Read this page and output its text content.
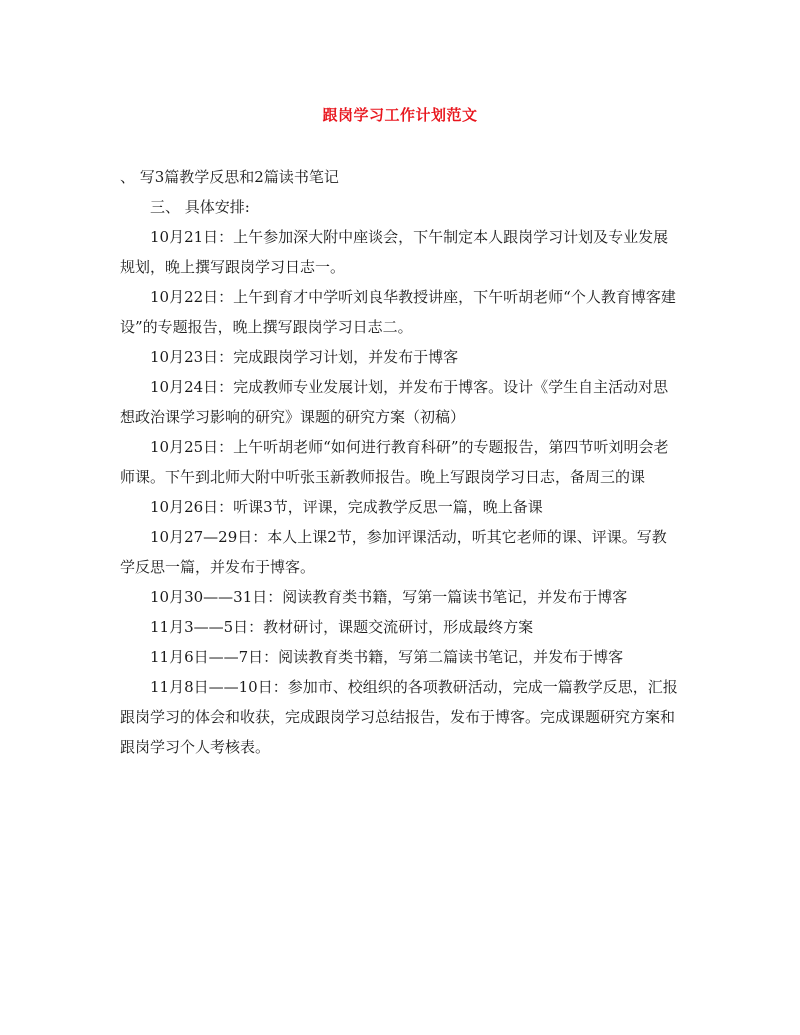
跟岗学习工作计划范文

、 写3篇教学反思和2篇读书笔记

三、 具体安排:

10月21日：上午参加深大附中座谈会，下午制定本人跟岗学习计划及专业发展规划，晚上撰写跟岗学习日志一。

10月22日：上午到育才中学听刘良华教授讲座，下午听胡老师“个人教育博客建设”的专题报告，晚上撰写跟岗学习日志二。

10月23日：完成跟岗学习计划，并发布于博客

10月24日：完成教师专业发展计划，并发布于博客。设计《学生自主活动对思想政治课学习影响的研究》课题的研究方案（初稿）

10月25日：上午听胡老师“如何进行教育科研”的专题报告，第四节听刘明会老师课。下午到北师大附中听张玉新教师报告。晚上写跟岗学习日志，备周三的课

10月26日：听课3节，评课，完成教学反思一篇，晚上备课

10月27—29日：本人上课2节，参加评课活动，听其它老师的课、评课。写教学反思一篇，并发布于博客。

10月30——31日：阅读教育类书籍，写第一篇读书笔记，并发布于博客

11月3——5日：教材研讨，课题交流研讨，形成最终方案

11月6日——7日：阅读教育类书籍，写第二篇读书笔记，并发布于博客

11月8日——10日：参加市、校组织的各项教研活动，完成一篇教学反思，汇报跟岗学习的体会和收获，完成跟岗学习总结报告，发布于博客。完成课题研究方案和跟岗学习个人考核表。
